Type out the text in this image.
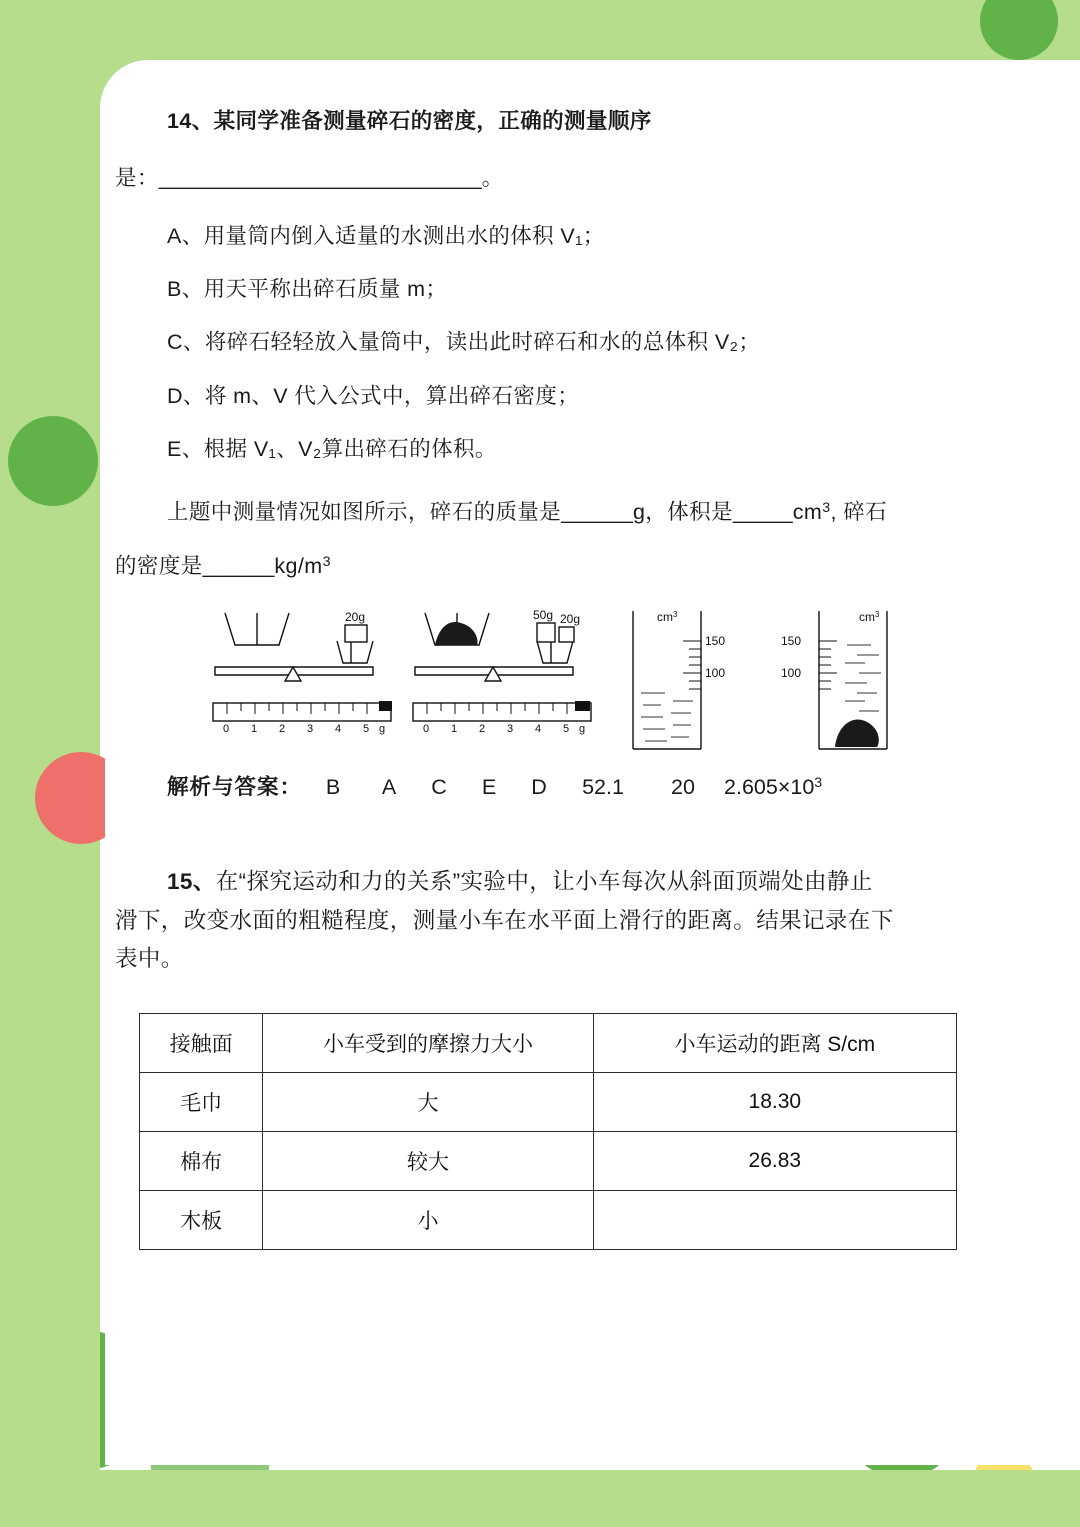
14、某同学准备测量碎石的密度，正确的测量顺序
是：___________________________。
A、用量筒内倒入适量的水测出水的体积 V₁；
B、用天平称出碎石质量 m；
C、将碎石轻轻放入量筒中，读出此时碎石和水的总体积 V₂；
D、将 m、V 代入公式中，算出碎石密度；
E、根据 V₁、V₂算出碎石的体积。
上题中测量情况如图所示，碎石的质量是______g，体积是$\_\_\_\_\_cm^3$, 碎石
的密度是$\_\_\_\_\_\_kg/m^3$
20g	50g 20g
0 1 2 3 4 5 g	0 1 2 3 4 5 g
$cm^3$
150
100
$cm^3$
150
100
解析与答案：	B	A	C	E	D	52.1	20	$2.605\times 10^3$
15、在“探究运动和力的关系”实验中，让小车每次从斜面顶端处由静止
滑下，改变水面的粗糙程度，测量小车在水平面上滑行的距离。结果记录在下
表中。
接触面	小车受到的摩擦力大小	小车运动的距离 S/cm
毛巾	大	18.30
棉布	较大	26.83
木板	小	
